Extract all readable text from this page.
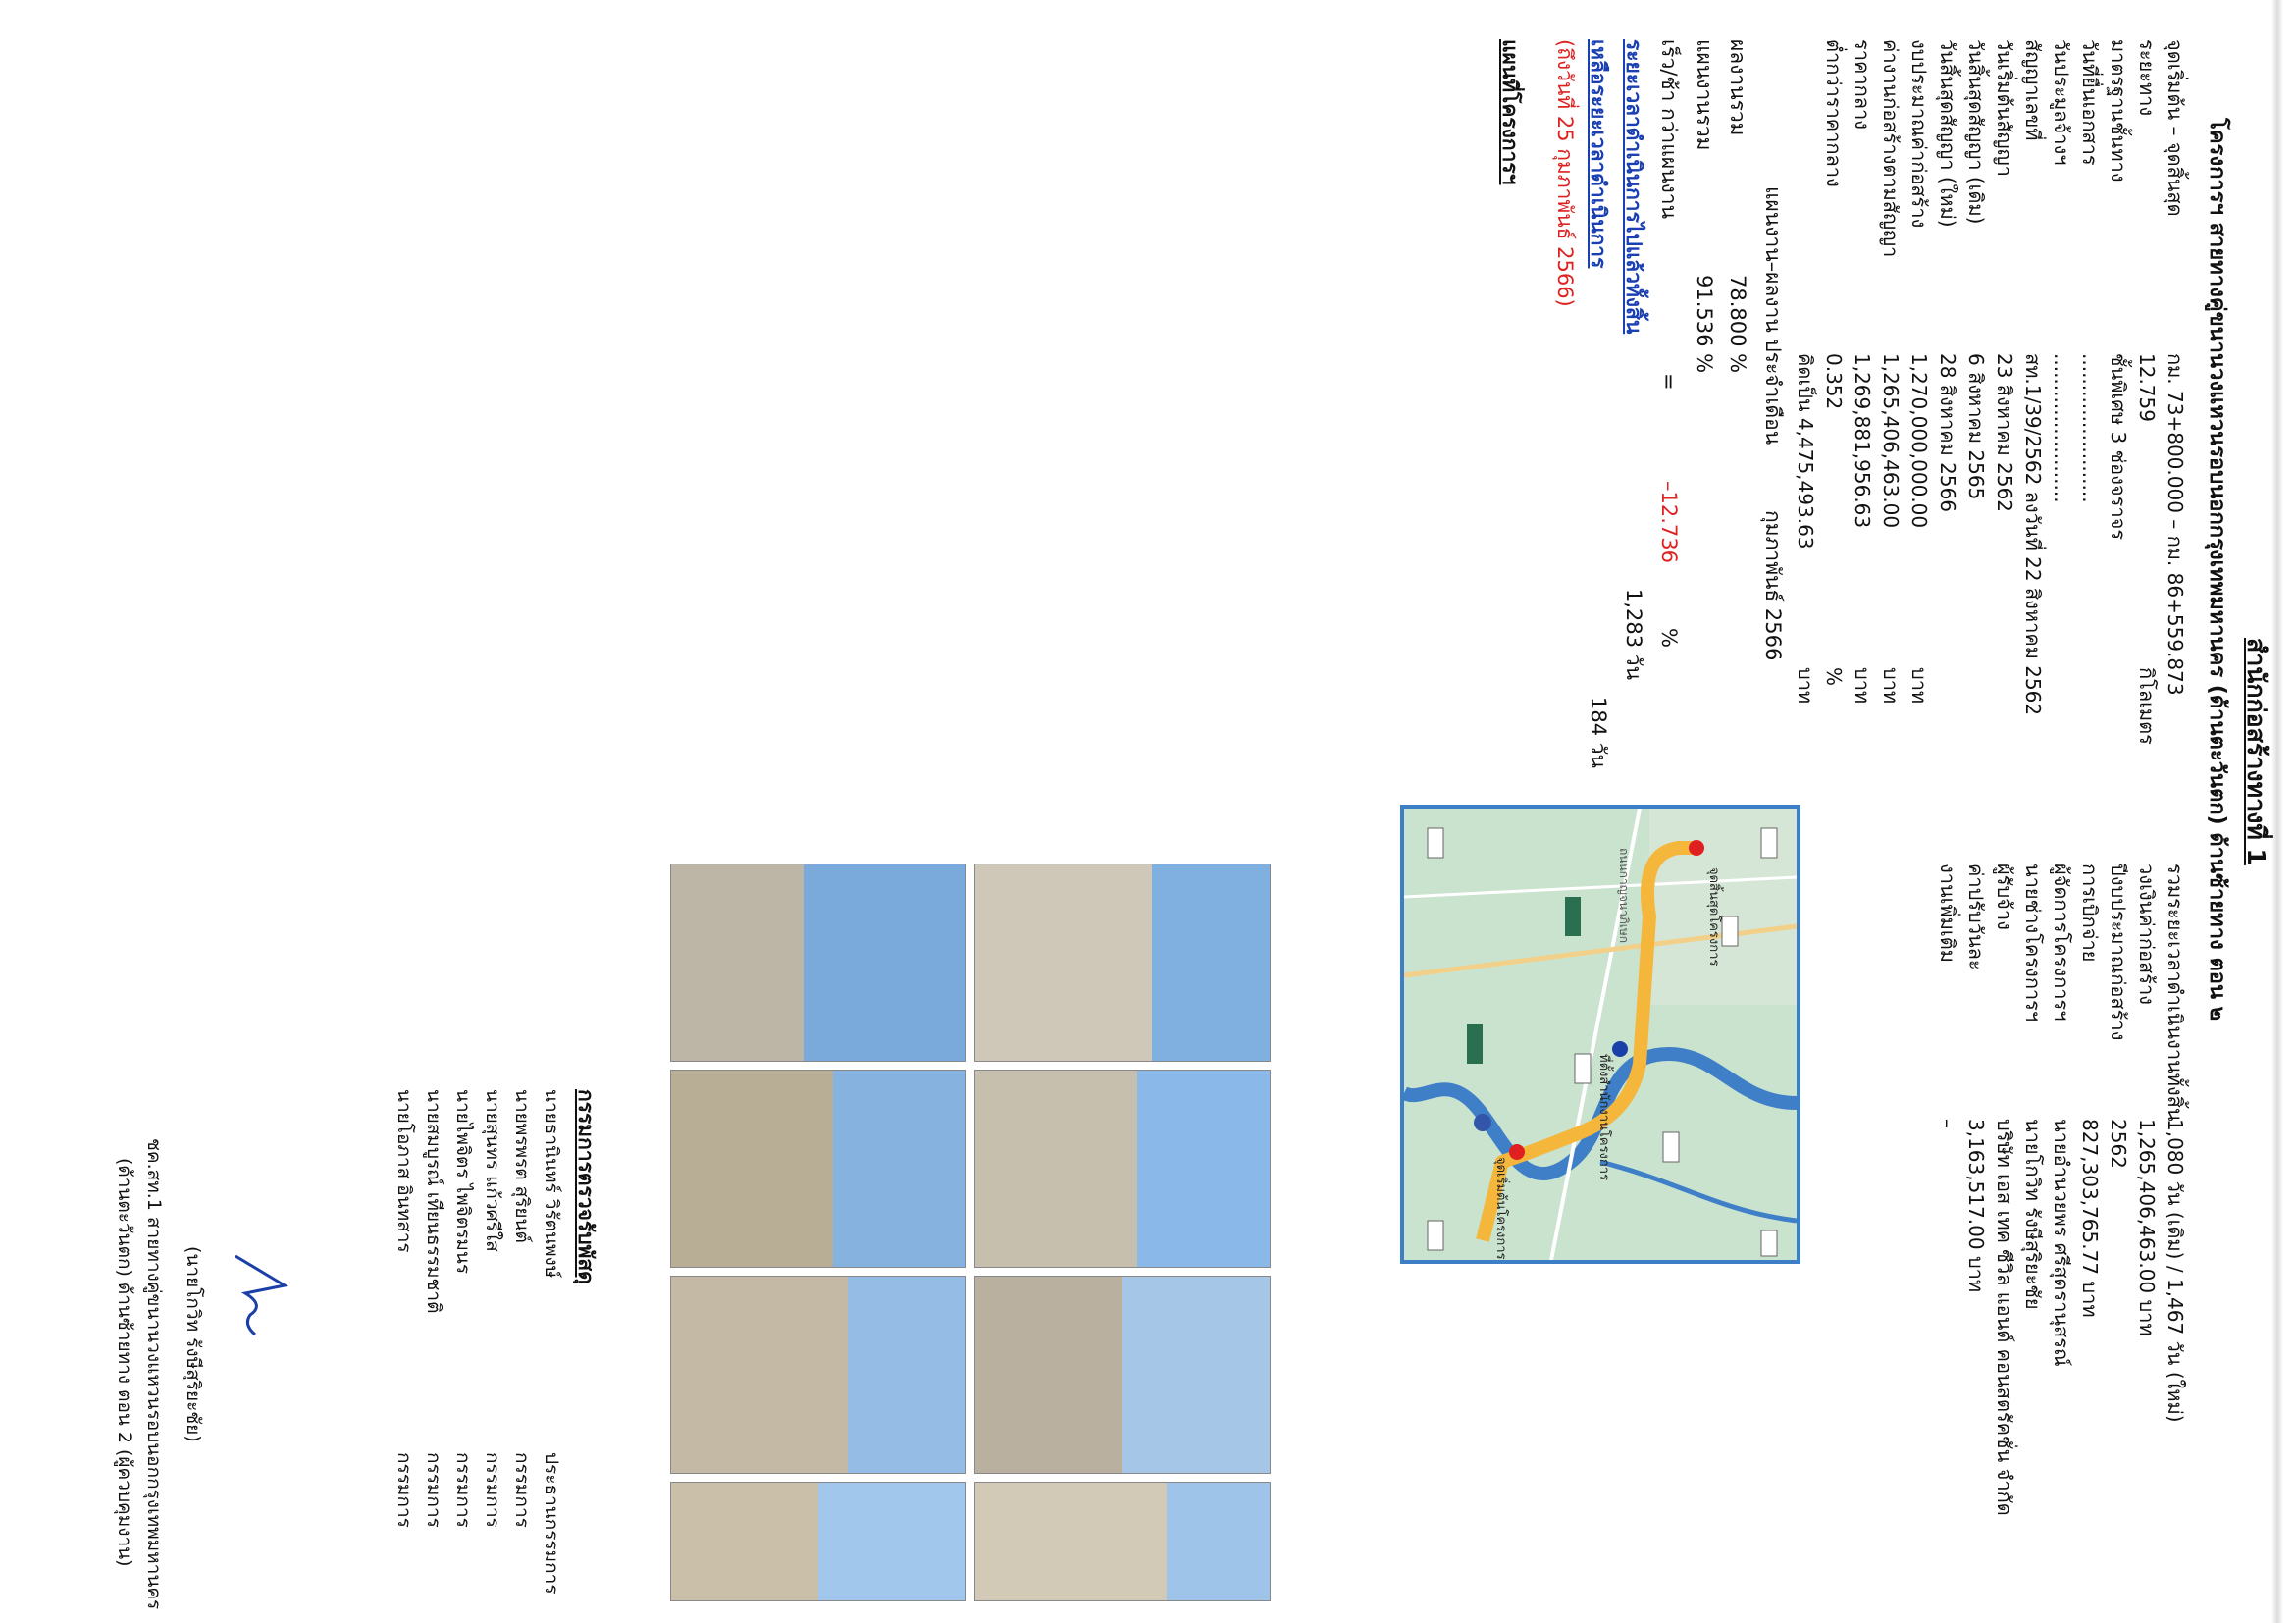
สำนักก่อสร้างทางที่ 1
โครงการฯ สายทางคู่ขนานวงแหวนรอบนอกกรุงเทพมหานคร (ด้านตะวันตก) ด้านซ้ายทาง ตอน ๒
จุดเริ่มต้น – จุดสิ้นสุด
กม. 73+800.000 – กม. 86+559.873
ระยะทาง
12.759
กิโลเมตร
มาตรฐานชั้นทาง
ชั้นพิเศษ 3 ช่องจราจร
วันที่ยื่นเอกสาร
........................
วันประมูลจ้างฯ
........................
สัญญาเลขที่
สท.1/39/2562 ลงวันที่ 22 สิงหาคม 2562
วันเริ่มต้นสัญญา
23 สิงหาคม 2562
วันสิ้นสุดสัญญา (เดิม)
6 สิงหาคม 2565
วันสิ้นสุดสัญญา (ใหม่)
28 สิงหาคม 2566
งบประมาณค่าก่อสร้าง
1,270,000,000.00
บาท
ค่างานก่อสร้างตามสัญญา
1,265,406,463.00
บาท
ราคากลาง
1,269,881,956.63
บาท
ต่ำกว่าราคากลาง
0.352
%
คิดเป็น 4,475,493.63
บาท
รวมระยะเวลาดำเนินงานทั้งสิ้น
1,080 วัน (เดิม) / 1,467 วัน (ใหม่)
วงเงินค่าก่อสร้าง
1,265,406,463.00 บาท
ปีงบประมาณก่อสร้าง
2562
การเบิกจ่าย
827,303,765.77 บาท
ผู้จัดการโครงการฯ
นายอำนวยพร ศรีสุดรานุสรณ์
นายช่างโครงการฯ
นายโกวิท รังษีสุริยะชัย
ผู้รับจ้าง
บริษัท เอส เทค ซีวิล แอนด์ คอนสตรัคชั่น จำกัด
ค่าปรับวันละ
3,163,517.00 บาท
งานเพิ่มเติม
–
แผนงาน–ผลงาน ประจำเดือน
กุมภาพันธ์ 2566
ผลงานรวม
78.800 %
แผนงานรวม
91.536 %
เร็ว/ช้า กว่าแผนงาน
=
–12.736
%
ระยะเวลาดำเนินการไปแล้วทั้งสิ้น
1,283 วัน
เหลือระยะเวลาดำเนินการ
184 วัน
(ถึงวันที่ 25 กุมภาพันธ์ 2566)
แผนที่โครงการฯ
จุดสิ้นสุดโครงการ
ที่ตั้งสำนักงานโครงการ
จุดเริ่มต้นโครงการ
ถนนกาญจนาภิเษก
กรรมการตรวจรับพัสดุ
นายธานินทร์ วิรัตนพงษ์
ประธานกรรมการ
นายพรพรต สุริยนต์
กรรมการ
นายสุนทร แก้วศรีใส
กรรมการ
นายไพจิตร ไพจิตรมนร
กรรมการ
นายสมบูรณ์ เทียนธรรมชาติ
กรรมการ
นายโอภาส อินทสาร
กรรมการ
(นายโกวิท รังษีสุริยะชัย)
ชค.สท.1 สายทางคู่ขนานวงแหวนรอบนอกกรุงเทพมหานคร
(ด้านตะวันตก) ด้านซ้ายทาง ตอน 2 (ผู้ควบคุมงาน)
